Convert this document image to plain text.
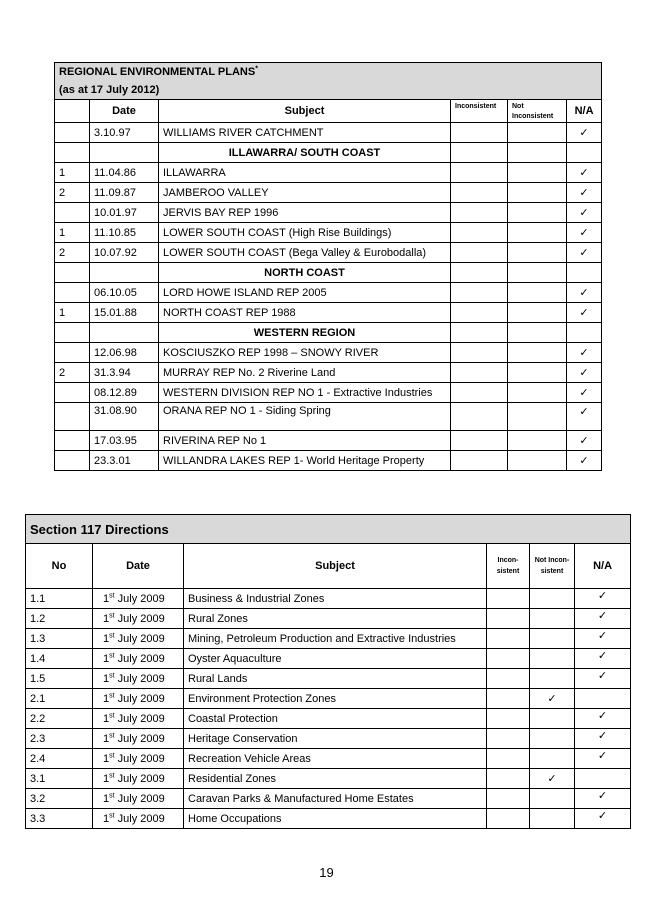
REGIONAL ENVIRONMENTAL PLANS*
(as at 17 July 2012)					
	Date	Subject	Inconsistent	Not Inconsistent	N/A
	3.10.97	WILLIAMS RIVER CATCHMENT			✓
		ILLAWARRA/ SOUTH COAST			
1	11.04.86	ILLAWARRA			✓
2	11.09.87	JAMBEROO VALLEY			✓
	10.01.97	JERVIS BAY REP 1996			✓
1	11.10.85	LOWER SOUTH COAST (High Rise Buildings)			✓
2	10.07.92	LOWER SOUTH COAST (Bega Valley & Eurobodalla)			✓
		NORTH COAST			
	06.10.05	LORD HOWE ISLAND REP 2005			✓
1	15.01.88	NORTH COAST REP 1988			✓
		WESTERN REGION			
	12.06.98	KOSCIUSZKO REP 1998 – SNOWY RIVER			✓
2	31.3.94	MURRAY REP No. 2 Riverine Land			✓
	08.12.89	WESTERN DIVISION REP NO 1 - Extractive Industries			✓
	31.08.90	ORANA REP NO 1 - Siding Spring			✓
	17.03.95	RIVERINA REP No 1			✓
	23.3.01	WILLANDRA LAKES REP 1- World Heritage Property			✓
Section 117 Directions					
No	Date	Subject	Incon-sistent	Not Incon-sistent	N/A
1.1	1st July 2009	Business & Industrial Zones			✓
1.2	1st July 2009	Rural Zones			✓
1.3	1st July 2009	Mining, Petroleum Production and Extractive Industries			✓
1.4	1st July 2009	Oyster Aquaculture			✓
1.5	1st July 2009	Rural Lands			✓
2.1	1st July 2009	Environment Protection Zones		✓	
2.2	1st July 2009	Coastal Protection			✓
2.3	1st July 2009	Heritage Conservation			✓
2.4	1st July 2009	Recreation Vehicle Areas			✓
3.1	1st July 2009	Residential Zones		✓	
3.2	1st July 2009	Caravan Parks & Manufactured Home Estates			✓
3.3	1st July 2009	Home Occupations			✓
19
